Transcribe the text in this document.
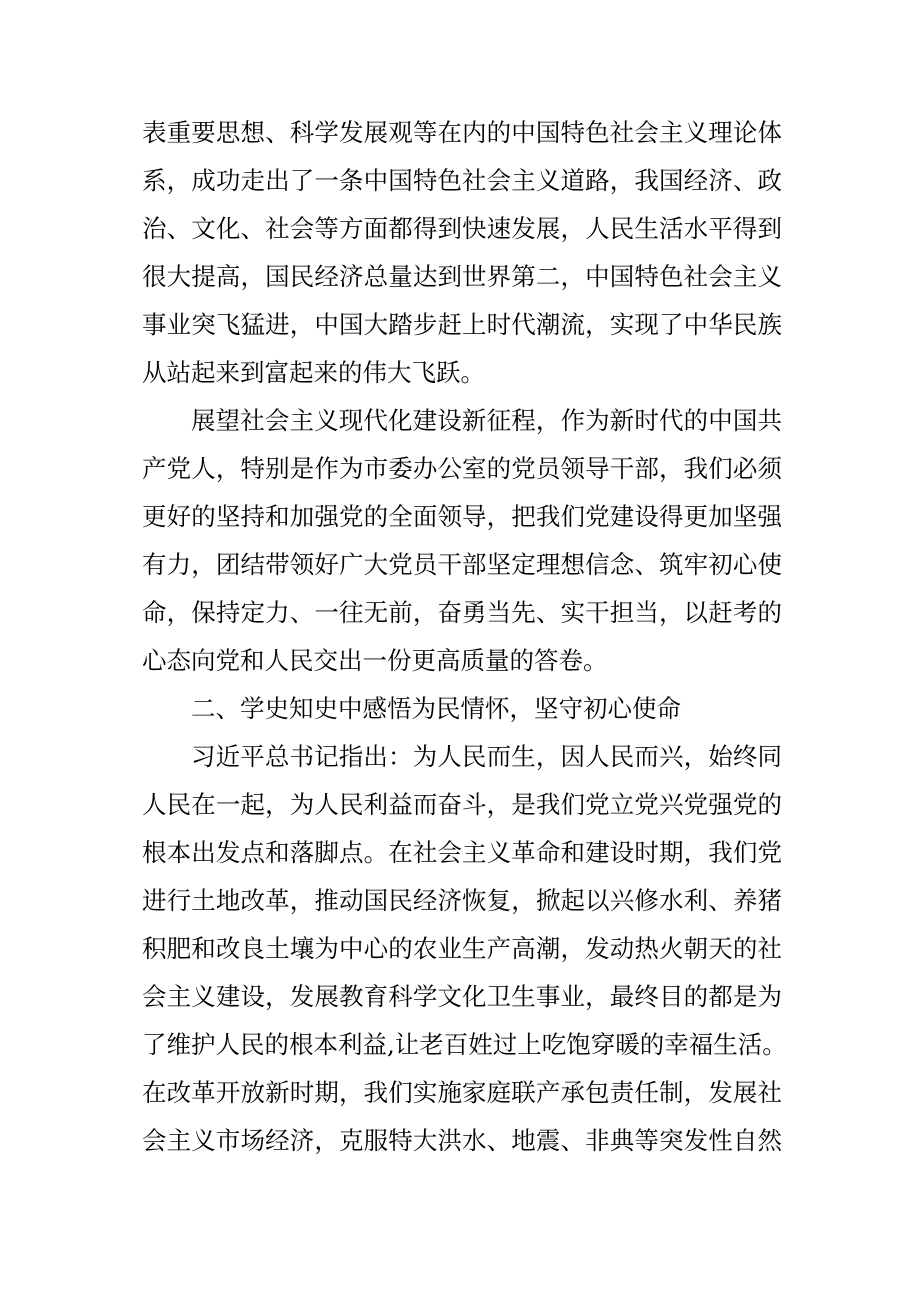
表重要思想、科学发展观等在内的中国特色社会主义理论体
系，成功走出了一条中国特色社会主义道路，我国经济、政
治、文化、社会等方面都得到快速发展，人民生活水平得到
很大提高，国民经济总量达到世界第二，中国特色社会主义
事业突飞猛进，中国大踏步赶上时代潮流，实现了中华民族
从站起来到富起来的伟大飞跃。
展望社会主义现代化建设新征程，作为新时代的中国共
产党人，特别是作为市委办公室的党员领导干部，我们必须
更好的坚持和加强党的全面领导，把我们党建设得更加坚强
有力，团结带领好广大党员干部坚定理想信念、筑牢初心使
命，保持定力、一往无前，奋勇当先、实干担当，以赶考的
心态向党和人民交出一份更高质量的答卷。
二、学史知史中感悟为民情怀，坚守初心使命
习近平总书记指出：为人民而生，因人民而兴，始终同
人民在一起，为人民利益而奋斗，是我们党立党兴党强党的
根本出发点和落脚点。在社会主义革命和建设时期，我们党
进行土地改革，推动国民经济恢复，掀起以兴修水利、养猪
积肥和改良土壤为中心的农业生产高潮，发动热火朝天的社
会主义建设，发展教育科学文化卫生事业，最终目的都是为
了维护人民的根本利益,让老百姓过上吃饱穿暖的幸福生活。
在改革开放新时期，我们实施家庭联产承包责任制，发展社
会主义市场经济，克服特大洪水、地震、非典等突发性自然
